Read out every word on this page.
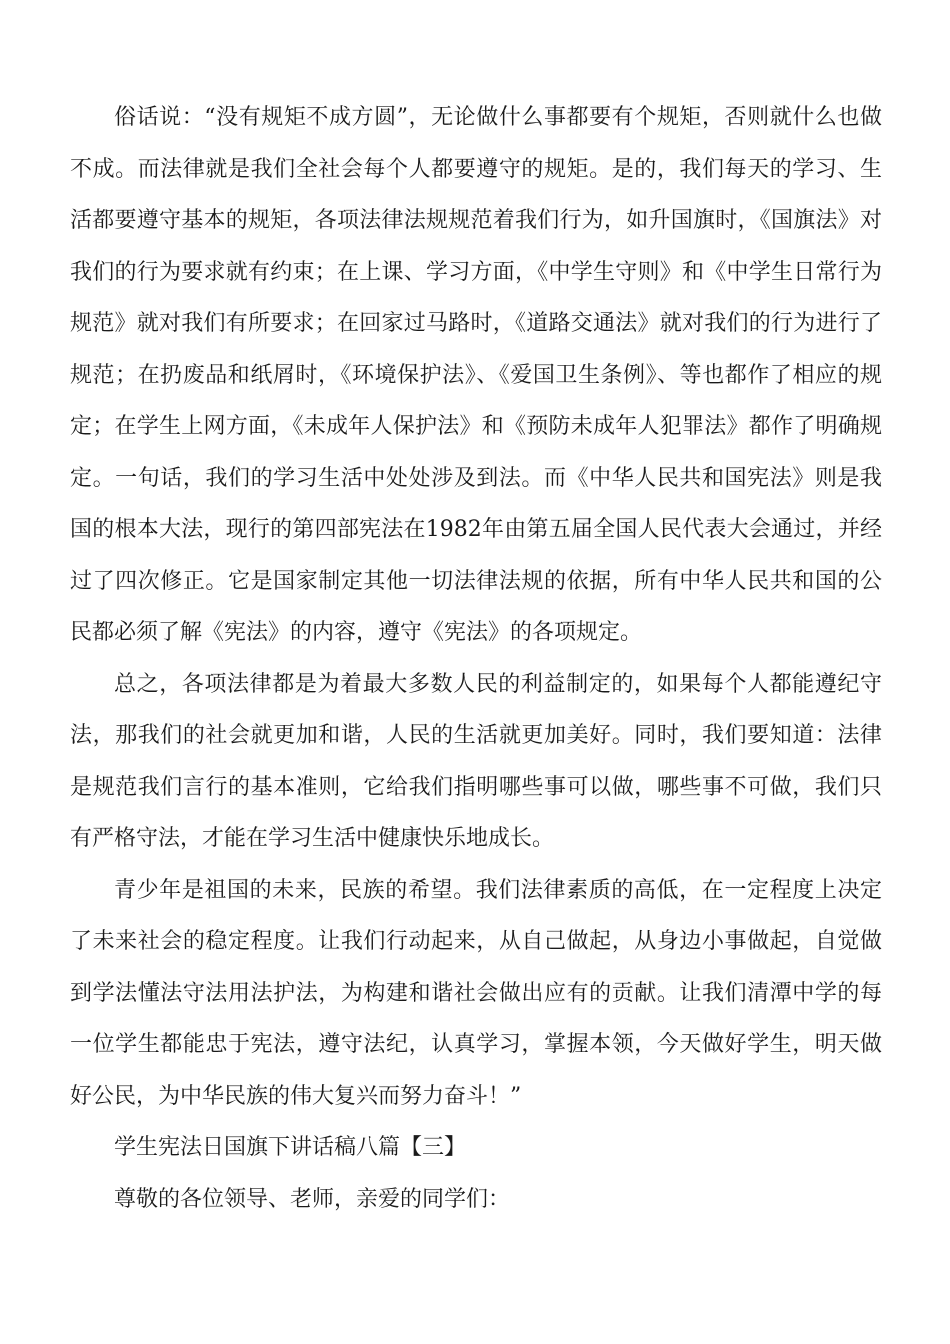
俗话说：“没有规矩不成方圆”，无论做什么事都要有个规矩，否则就什么也做不成。而法律就是我们全社会每个人都要遵守的规矩。是的，我们每天的学习、生活都要遵守基本的规矩，各项法律法规规范着我们行为，如升国旗时，《国旗法》对我们的行为要求就有约束；在上课、学习方面，《中学生守则》和《中学生日常行为规范》就对我们有所要求；在回家过马路时，《道路交通法》就对我们的行为进行了规范；在扔废品和纸屑时，《环境保护法》、《爱国卫生条例》、等也都作了相应的规定；在学生上网方面，《未成年人保护法》和《预防未成年人犯罪法》都作了明确规定。一句话，我们的学习生活中处处涉及到法。而《中华人民共和国宪法》则是我国的根本大法，现行的第四部宪法在1982年由第五届全国人民代表大会通过，并经过了四次修正。它是国家制定其他一切法律法规的依据，所有中华人民共和国的公民都必须了解《宪法》的内容，遵守《宪法》的各项规定。

总之，各项法律都是为着最大多数人民的利益制定的，如果每个人都能遵纪守法，那我们的社会就更加和谐，人民的生活就更加美好。同时，我们要知道：法律是规范我们言行的基本准则，它给我们指明哪些事可以做，哪些事不可做，我们只有严格守法，才能在学习生活中健康快乐地成长。

青少年是祖国的未来，民族的希望。我们法律素质的高低，在一定程度上决定了未来社会的稳定程度。让我们行动起来，从自己做起，从身边小事做起，自觉做到学法懂法守法用法护法，为构建和谐社会做出应有的贡献。让我们清潭中学的每一位学生都能忠于宪法，遵守法纪，认真学习，掌握本领，今天做好学生，明天做好公民，为中华民族的伟大复兴而努力奋斗！”

学生宪法日国旗下讲话稿八篇【三】

尊敬的各位领导、老师，亲爱的同学们：
